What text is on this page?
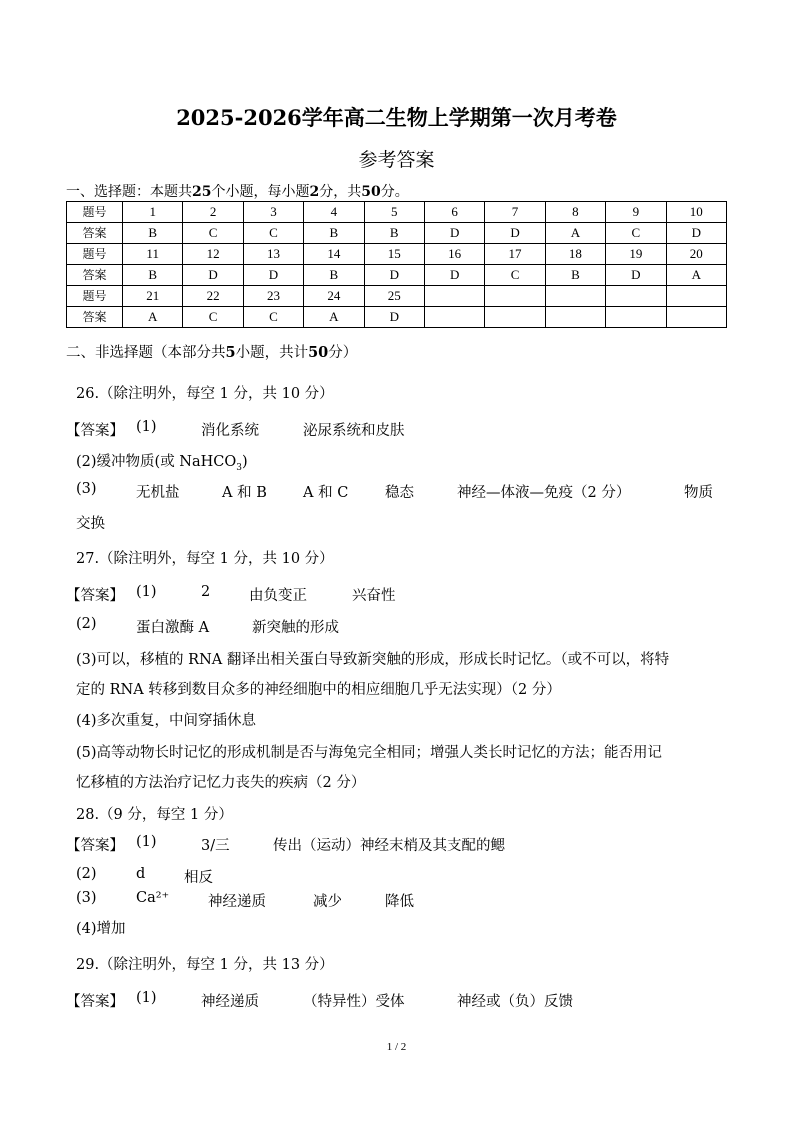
2025-2026学年高二生物上学期第一次月考卷
参考答案
一、选择题：本题共25个小题，每小题2分，共50分。
题号	1	2	3	4	5	6	7	8	9	10
答案	B	C	C	B	B	D	D	A	C	D
题号	11	12	13	14	15	16	17	18	19	20
答案	B	D	D	B	D	D	C	B	D	A
题号	21	22	23	24	25					
答案	A	C	C	A	D					
二、非选择题（本部分共5小题，共计50分）
26.（除注明外，每空 1 分，共 10 分）
【答案】 (1)	消化系统	泌尿系统和皮肤
(2)缓冲物质(或 NaHCO$_3$)
(3)	无机盐	A 和 B A 和 C	稳态	神经—体液—免疫（2 分）	物质
交换
27.（除注明外，每空 1 分，共 10 分）
【答案】 (1)	2	由负变正	兴奋性
(2)	蛋白激酶 A	新突触的形成
(3)可以，移植的 RNA 翻译出相关蛋白导致新突触的形成，形成长时记忆。（或不可以，将特
定的 RNA 转移到数目众多的神经细胞中的相应细胞几乎无法实现）（2 分）
(4)多次重复，中间穿插休息
(5)高等动物长时记忆的形成机制是否与海兔完全相同；增强人类长时记忆的方法；能否用记
忆移植的方法治疗记忆力丧失的疾病（2 分）
28.（9 分，每空 1 分）
【答案】 (1)	3/三	传出（运动）神经末梢及其支配的鳃
(2)	d	相反
(3)	Ca²⁺	神经递质	减少	降低
(4)增加
29.（除注明外，每空 1 分，共 13 分）
【答案】 (1)	神经递质	（特异性）受体	神经或（负）反馈
1 / 2
